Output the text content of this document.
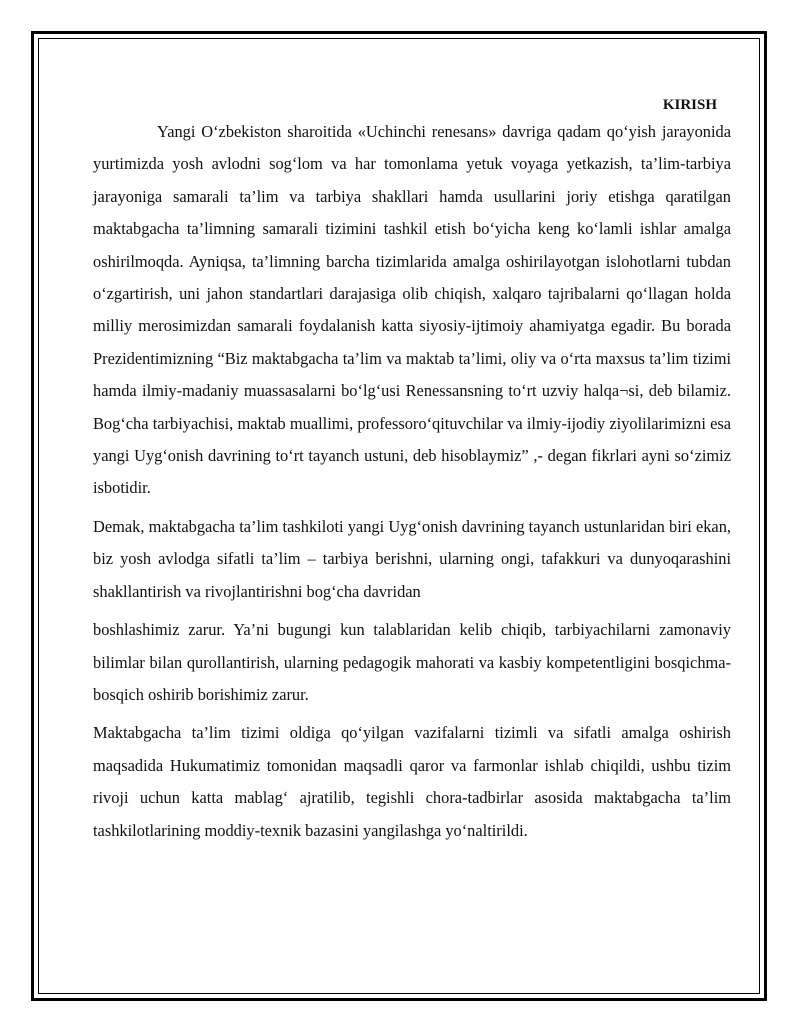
KIRISH

Yangi O‘zbekiston sharoitida «Uchinchi renesans» davriga qadam qo‘yish jarayonida yurtimizda yosh avlodni sog‘lom va har tomonlama yetuk voyaga yetkazish, ta’lim-tarbiya jarayoniga samarali ta’lim va tarbiya shakllari hamda usullarini joriy etishga qaratilgan maktabgacha ta’limning samarali tizimini tashkil etish bo‘yicha keng ko‘lamli ishlar amalga oshirilmoqda. Ayniqsa, ta’limning barcha tizimlarida amalga oshirilayotgan islohotlarni tubdan o‘zgartirish, uni jahon standartlari darajasiga olib chiqish, xalqaro tajribalarni qo‘llagan holda milliy merosimizdan samarali foydalanish katta siyosiy-ijtimoiy ahamiyatga egadir. Bu borada Prezidentimizning “Biz maktabgacha ta’lim va maktab ta’limi, oliy va o‘rta maxsus ta’lim tizimi hamda ilmiy-madaniy muassasalarni bo‘lg‘usi Renessansning to‘rt uzviy halqa¬si, deb bilamiz. Bog‘cha tarbiyachisi, maktab muallimi, professoro‘qituvchilar va ilmiy-ijodiy ziyolilarimizni esa yangi Uyg‘onish davrining to‘rt tayanch ustuni, deb hisoblaymiz” ,- degan fikrlari ayni so‘zimiz isbotidir.

Demak, maktabgacha ta’lim tashkiloti yangi Uyg‘onish davrining tayanch ustunlaridan biri ekan, biz yosh avlodga sifatli ta’lim – tarbiya berishni, ularning ongi, tafakkuri va dunyoqarashini shakllantirish va rivojlantirishni bog‘cha davridan

boshlashimiz zarur. Ya’ni bugungi kun talablaridan kelib chiqib, tarbiyachilarni zamonaviy bilimlar bilan qurollantirish, ularning pedagogik mahorati va kasbiy kompetentligini bosqichma-bosqich oshirib borishimiz zarur.

Maktabgacha ta’lim tizimi oldiga qo‘yilgan vazifalarni tizimli va sifatli amalga oshirish maqsadida Hukumatimiz tomonidan maqsadli qaror va farmonlar ishlab chiqildi, ushbu tizim rivoji uchun katta mablag‘ ajratilib, tegishli chora-tadbirlar asosida maktabgacha ta’lim tashkilotlarining moddiy-texnik bazasini yangilashga yo‘naltirildi.
